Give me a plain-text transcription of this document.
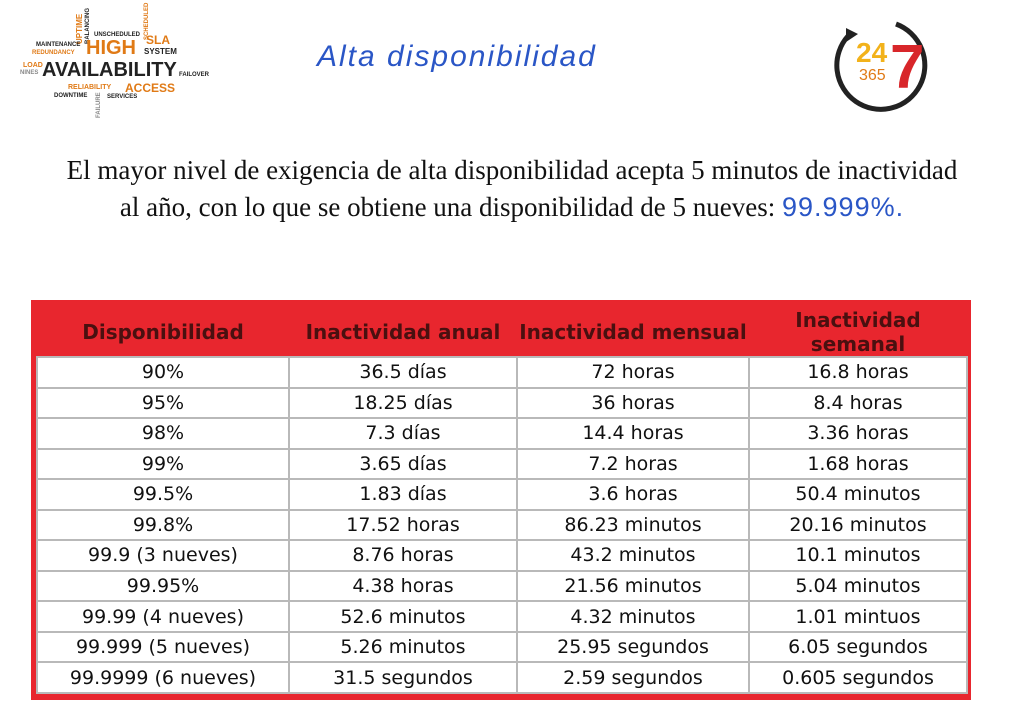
UPTIME BALANCING	SCHEDULED
UNSCHEDULED
MAINTENANCE
REDUNDANCY HIGH SLA
SYSTEM
LOAD
NINES AVAILABILITY FAILOVER
RELIABILITY ACCESS
DOWNTIME	SERVICES
FAILURE
Alta disponibilidad	24
365 7
El mayor nivel de exigencia de alta disponibilidad acepta 5 minutos de inactividad al año, con lo que se obtiene una disponibilidad de 5 nueves: 99.999%.
Disponibilidad	Inactividad anual	Inactividad mensual	Inactividad semanal
90%	36.5 días	72 horas	16.8 horas
95%	18.25 días	36 horas	8.4 horas
98%	7.3 días	14.4 horas	3.36 horas
99%	3.65 días	7.2 horas	1.68 horas
99.5%	1.83 días	3.6 horas	50.4 minutos
99.8%	17.52 horas	86.23 minutos	20.16 minutos
99.9 (3 nueves)	8.76 horas	43.2 minutos	10.1 minutos
99.95%	4.38 horas	21.56 minutos	5.04 minutos
99.99 (4 nueves)	52.6 minutos	4.32 minutos	1.01 mintuos
99.999 (5 nueves)	5.26 minutos	25.95 segundos	6.05 segundos
99.9999 (6 nueves)	31.5 segundos	2.59 segundos	0.605 segundos
